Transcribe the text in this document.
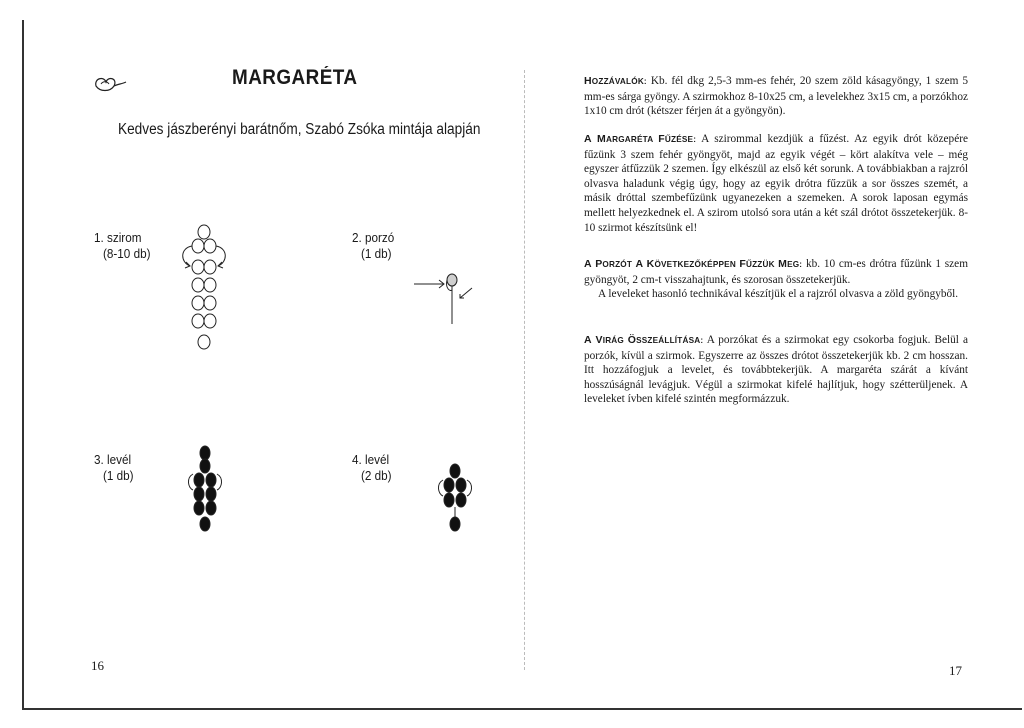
MARGARÉTA
Kedves jászberényi barátnőm, Szabó Zsóka mintája alapján
1. szirom
(8-10 db)
2. porzó
(1 db)
3. levél
(1 db)
4. levél
(2 db)
16

HOZZÁVALÓK: Kb. fél dkg 2,5-3 mm-es fehér, 20 szem zöld kásagyöngy, 1 szem 5 mm-es sárga gyöngy. A szirmokhoz 8-10x25 cm, a levelekhez 3x15 cm, a porzókhoz 1x10 cm drót (kétszer férjen át a gyöngyön).

A MARGARÉTA FŰZÉSE: A szirommal kezdjük a fűzést. Az egyik drót közepére fűzünk 3 szem fehér gyöngyöt, majd az egyik végét – kört alakítva vele – még egyszer átfűzzük 2 szemen. Így elkészül az első két sorunk. A továbbiakban a rajzról olvasva haladunk végig úgy, hogy az egyik drótra fűzzük a sor összes szemét, a másik dróttal szembefűzünk ugyanezeken a szemeken. A sorok laposan egymás mellett helyezkednek el. A szirom utolsó sora után a két szál drótot összetekerjük. 8-10 szirmot készítsünk el!

A PORZÓT A KÖVETKEZŐKÉPPEN FŰZZÜK MEG: kb. 10 cm-es drótra fűzünk 1 szem gyöngyöt, 2 cm-t visszahajtunk, és szorosan összetekerjük.

A leveleket hasonló technikával készítjük el a rajzról olvasva a zöld gyöngyből.

A VIRÁG ÖSSZEÁLLÍTÁSA: A porzókat és a szirmokat egy csokorba fogjuk. Belül a porzók, kívül a szirmok. Egyszerre az összes drótot összetekerjük kb. 2 cm hosszan. Itt hozzáfogjuk a levelet, és továbbtekerjük. A margaréta szárát a kívánt hosszúságnál levágjuk. Végül a szirmokat kifelé hajlítjuk, hogy szétterüljenek. A leveleket ívben kifelé szintén megformázzuk.

17
